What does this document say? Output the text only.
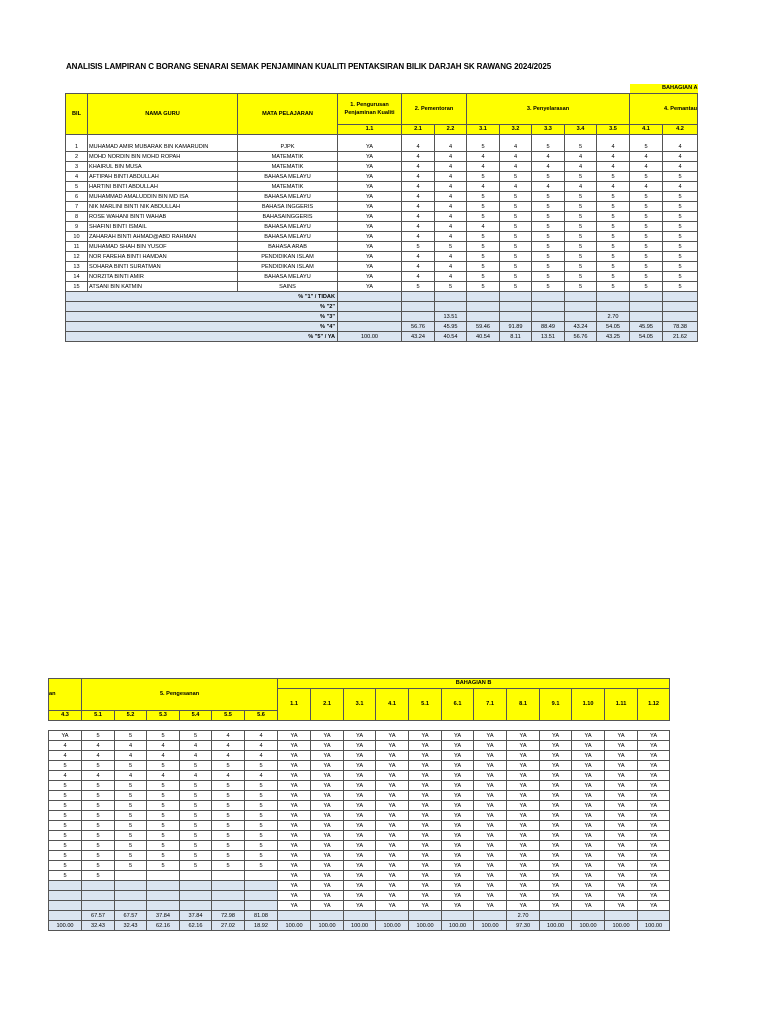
ANALISIS LAMPIRAN C BORANG SENARAI SEMAK PENJAMINAN KUALITI PENTAKSIRAN BILIK DARJAH SK RAWANG 2024/2025
											BAHAGIAN A		
BIL	NAMA GURU	MATA PELAJARAN	1. Pengurusan Penjaminan Kualiti	2. Pementoran		3. Penyelarasan					4. Pemantau		
			1.1	2.1	2.2	3.1	3.2	3.3	3.4	3.5	4.1	4.2	
1	MUHAMAD AMIR MUBARAK BIN KAMARUDIN	PJPK	YA	4	4	5	4	5	5	4	5	4	
2	MOHD NORDIN BIN MOHD ROPAH	MATEMATIK	YA	4	4	4	4	4	4	4	4	4	
3	KHAIRUL BIN MUSA	MATEMATIK	YA	4	4	4	4	4	4	4	4	4	
4	AFTIPAH BINTI ABDULLAH	BAHASA MELAYU	YA	4	4	5	5	5	5	5	5	5	
5	HARTINI BINTI ABDULLAH	MATEMATIK	YA	4	4	4	4	4	4	4	4	4	
6	MUHAMMAD AMALUDDIN BIN MD ISA	BAHASA MELAYU	YA	4	4	5	5	5	5	5	5	5	
7	NIK MARLINI BINTI NIK ABDULLAH	BAHASA INGGERIS	YA	4	4	5	5	5	5	5	5	5	
8	ROSE WAHANI BINTI WAHAB	BAHASAINGGERIS	YA	4	4	5	5	5	5	5	5	5	
9	SHAFINI BINTI ISMAIL	BAHASA MELAYU	YA	4	4	4	5	5	5	5	5	5	
10	ZAHARAH BINTI AHMAD@ABD RAHMAN	BAHASA MELAYU	YA	4	4	5	5	5	5	5	5	5	
11	MUHAMAD SHAH BIN YUSOF	BAHASA ARAB	YA	5	5	5	5	5	5	5	5	5	
12	NOR FAREHA BINTI HAMDAN	PENDIDIKAN ISLAM	YA	4	4	5	5	5	5	5	5	5	
13	SOHARA BINTI SURATMAN	PENDIDIKAN ISLAM	YA	4	4	5	5	5	5	5	5	5	
14	NORZITA BINTI AMIR	BAHASA MELAYU	YA	4	4	5	5	5	5	5	5	5	
15	ATSANI BIN KATMIN	SAINS	YA	5	5	5	5	5	5	5	5	5	
% "1" / TIDAK													
% "2"													
% "3"					13.51					2.70			
% "4"				56.76	45.95	59.46	91.89	88.49	43.24	54.05	45.95	78.38	
% "5" / YA			100.00	43.24	40.54	40.54	8.11	13.51	56.76	43.25	54.05	21.62	
an	5. Pengesanan						BAHAGIAN B											
							1.1	2.1	3.1	4.1	5.1	6.1	7.1	8.1	9.1	1.10	1.11	1.12
4.3	5.1	5.2	5.3	5.4	5.5	5.6												

YA	5	5	5	5	4	4	YA	YA	YA	YA	YA	YA	YA	YA	YA	YA	YA	YA
4	4	4	4	4	4	4	YA	YA	YA	YA	YA	YA	YA	YA	YA	YA	YA	YA
4	4	4	4	4	4	4	YA	YA	YA	YA	YA	YA	YA	YA	YA	YA	YA	YA
5	5	5	5	5	5	5	YA	YA	YA	YA	YA	YA	YA	YA	YA	YA	YA	YA
4	4	4	4	4	4	4	YA	YA	YA	YA	YA	YA	YA	YA	YA	YA	YA	YA
5	5	5	5	5	5	5	YA	YA	YA	YA	YA	YA	YA	YA	YA	YA	YA	YA
5	5	5	5	5	5	5	YA	YA	YA	YA	YA	YA	YA	YA	YA	YA	YA	YA
5	5	5	5	5	5	5	YA	YA	YA	YA	YA	YA	YA	YA	YA	YA	YA	YA
5	5	5	5	5	5	5	YA	YA	YA	YA	YA	YA	YA	YA	YA	YA	YA	YA
5	5	5	5	5	5	5	YA	YA	YA	YA	YA	YA	YA	YA	YA	YA	YA	YA
5	5	5	5	5	5	5	YA	YA	YA	YA	YA	YA	YA	YA	YA	YA	YA	YA
5	5	5	5	5	5	5	YA	YA	YA	YA	YA	YA	YA	YA	YA	YA	YA	YA
5	5	5	5	5	5	5	YA	YA	YA	YA	YA	YA	YA	YA	YA	YA	YA	YA
5	5	5	5	5	5	5	YA	YA	YA	YA	YA	YA	YA	YA	YA	YA	YA	YA
5	5						YA	YA	YA	YA	YA	YA	YA	YA	YA	YA	YA	YA
							YA	YA	YA	YA	YA	YA	YA	YA	YA	YA	YA	YA
							YA	YA	YA	YA	YA	YA	YA	YA	YA	YA	YA	YA
							YA	YA	YA	YA	YA	YA	YA	YA	YA	YA	YA	YA
	67.57	67.57	37.84	37.84	72.98	81.08								2.70				
100.00	32.43	32.43	62.16	62.16	27.02	18.92	100.00	100.00	100.00	100.00	100.00	100.00	100.00	97.30	100.00	100.00	100.00	100.00
